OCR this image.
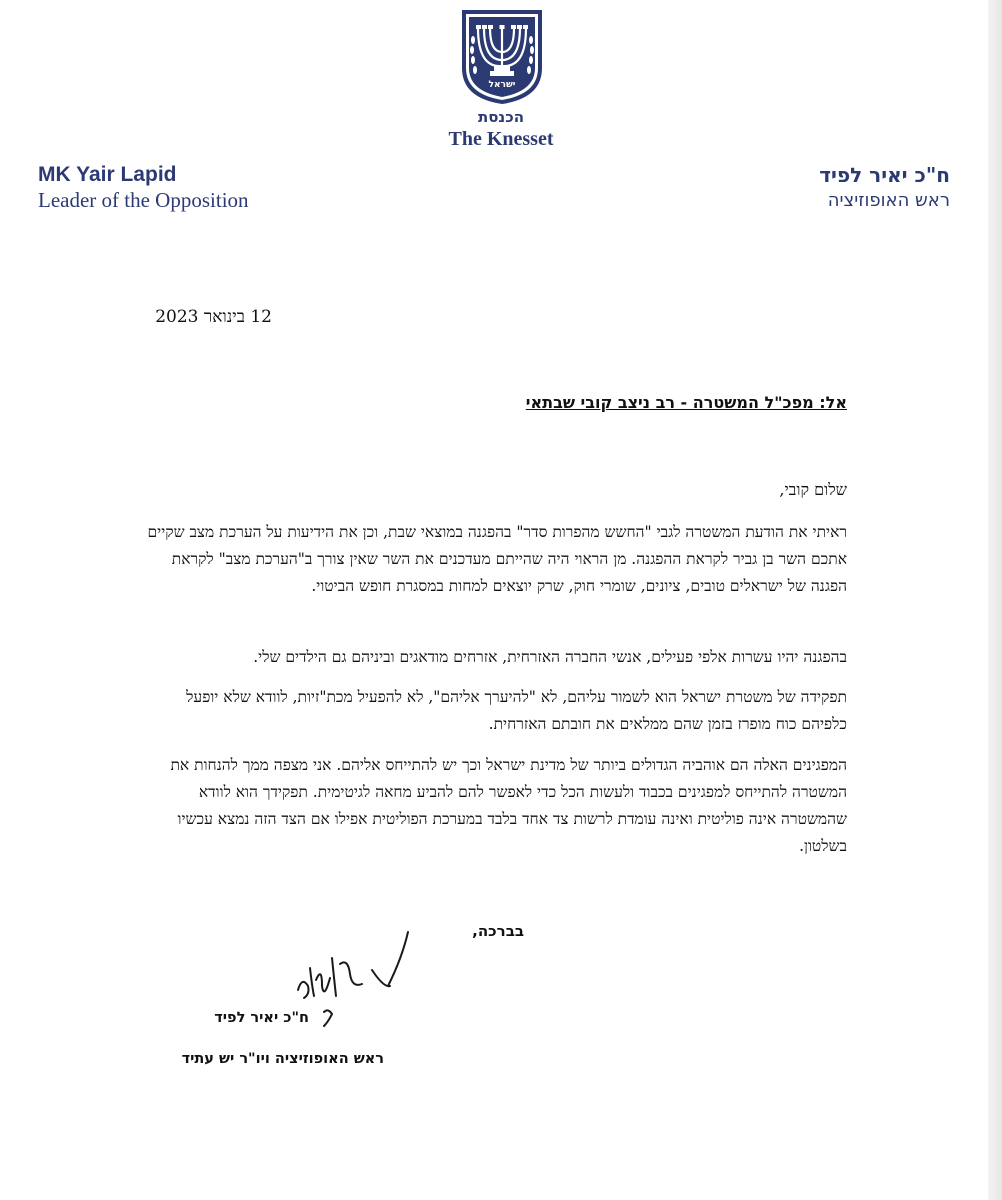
ישראל
הכנסת
The Knesset
MK Yair Lapid
Leader of the Opposition
ח"כ יאיר לפיד
ראש האופוזיציה
12 בינואר 2023
אל: מפכ"ל המשטרה - רב ניצב קובי שבתאי
שלום קובי,
ראיתי את הודעת המשטרה לגבי "החשש מהפרות סדר" בהפגנה במוצאי שבת, וכן את הידיעות על הערכת מצב שקיים אתכם השר בן גביר לקראת ההפגנה. מן הראוי היה שהייתם מעדכנים את השר שאין צורך ב"הערכת מצב" לקראת הפגנה של ישראלים טובים, ציונים, שומרי חוק, שרק יוצאים למחות במסגרת חופש הביטוי.
בהפגנה יהיו עשרות אלפי פעילים, אנשי החברה האזרחית, אזרחים מודאגים וביניהם גם הילדים שלי.
תפקידה של משטרת ישראל הוא לשמור עליהם, לא "להיערך אליהם", לא להפעיל מכת"זיות, לוודא שלא יופעל כלפיהם כוח מופרז בזמן שהם ממלאים את חובתם האזרחית.
המפגינים האלה הם אוהביה הגדולים ביותר של מדינת ישראל וכך יש להתייחס אליהם. אני מצפה ממך להנחות את המשטרה להתייחס למפגינים בכבוד ולעשות הכל כדי לאפשר להם להביע מחאה לגיטימית. תפקידך הוא לוודא שהמשטרה אינה פוליטית ואינה עומדת לרשות צד אחד בלבד במערכת הפוליטית אפילו אם הצד הזה נמצא עכשיו בשלטון.
בברכה,
ח"כ יאיר לפיד
ראש האופוזיציה ויו"ר יש עתיד
